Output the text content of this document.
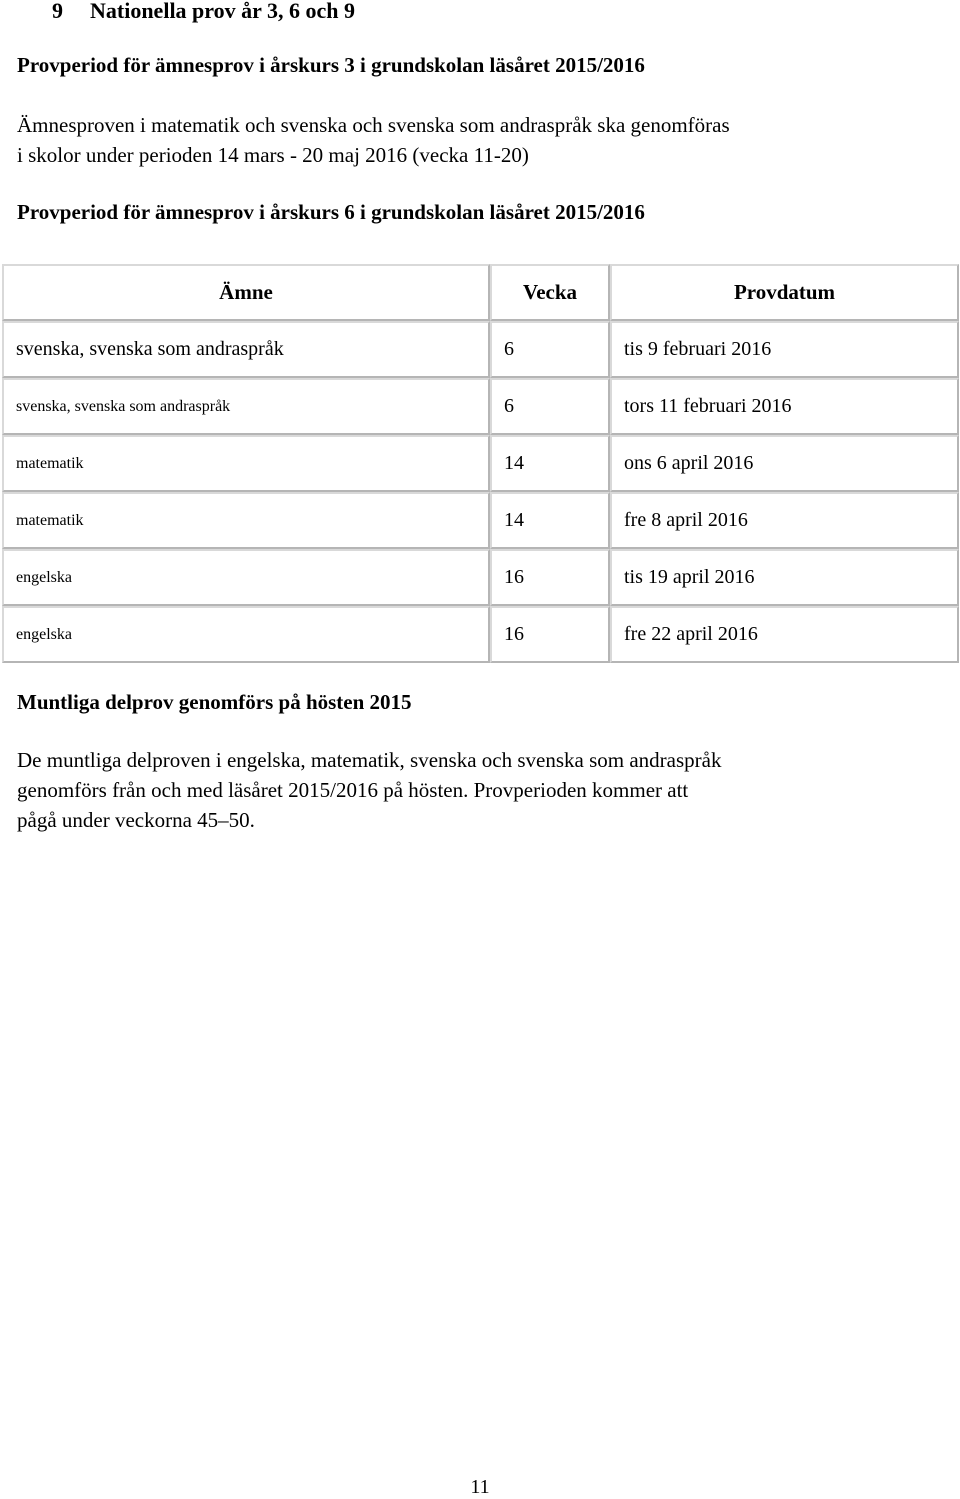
9 Nationella prov år 3, 6 och 9
Provperiod för ämnesprov i årskurs 3 i grundskolan läsåret 2015/2016
Ämnesproven i matematik och svenska och svenska som andraspråk ska genomföras
i skolor under perioden 14 mars - 20 maj 2016 (vecka 11-20)
Provperiod för ämnesprov i årskurs 6 i grundskolan läsåret 2015/2016
Ämne	Vecka	Provdatum
svenska, svenska som andraspråk	6	tis 9 februari 2016
svenska, svenska som andraspråk	6	tors 11 februari 2016
matematik	14	ons 6 april 2016
matematik	14	fre 8 april 2016
engelska	16	tis 19 april 2016
engelska	16	fre 22 april 2016
Muntliga delprov genomförs på hösten 2015
De muntliga delproven i engelska, matematik, svenska och svenska som andraspråk
genomförs från och med läsåret 2015/2016 på hösten. Provperioden kommer att
pågå under veckorna 45–50.
11
